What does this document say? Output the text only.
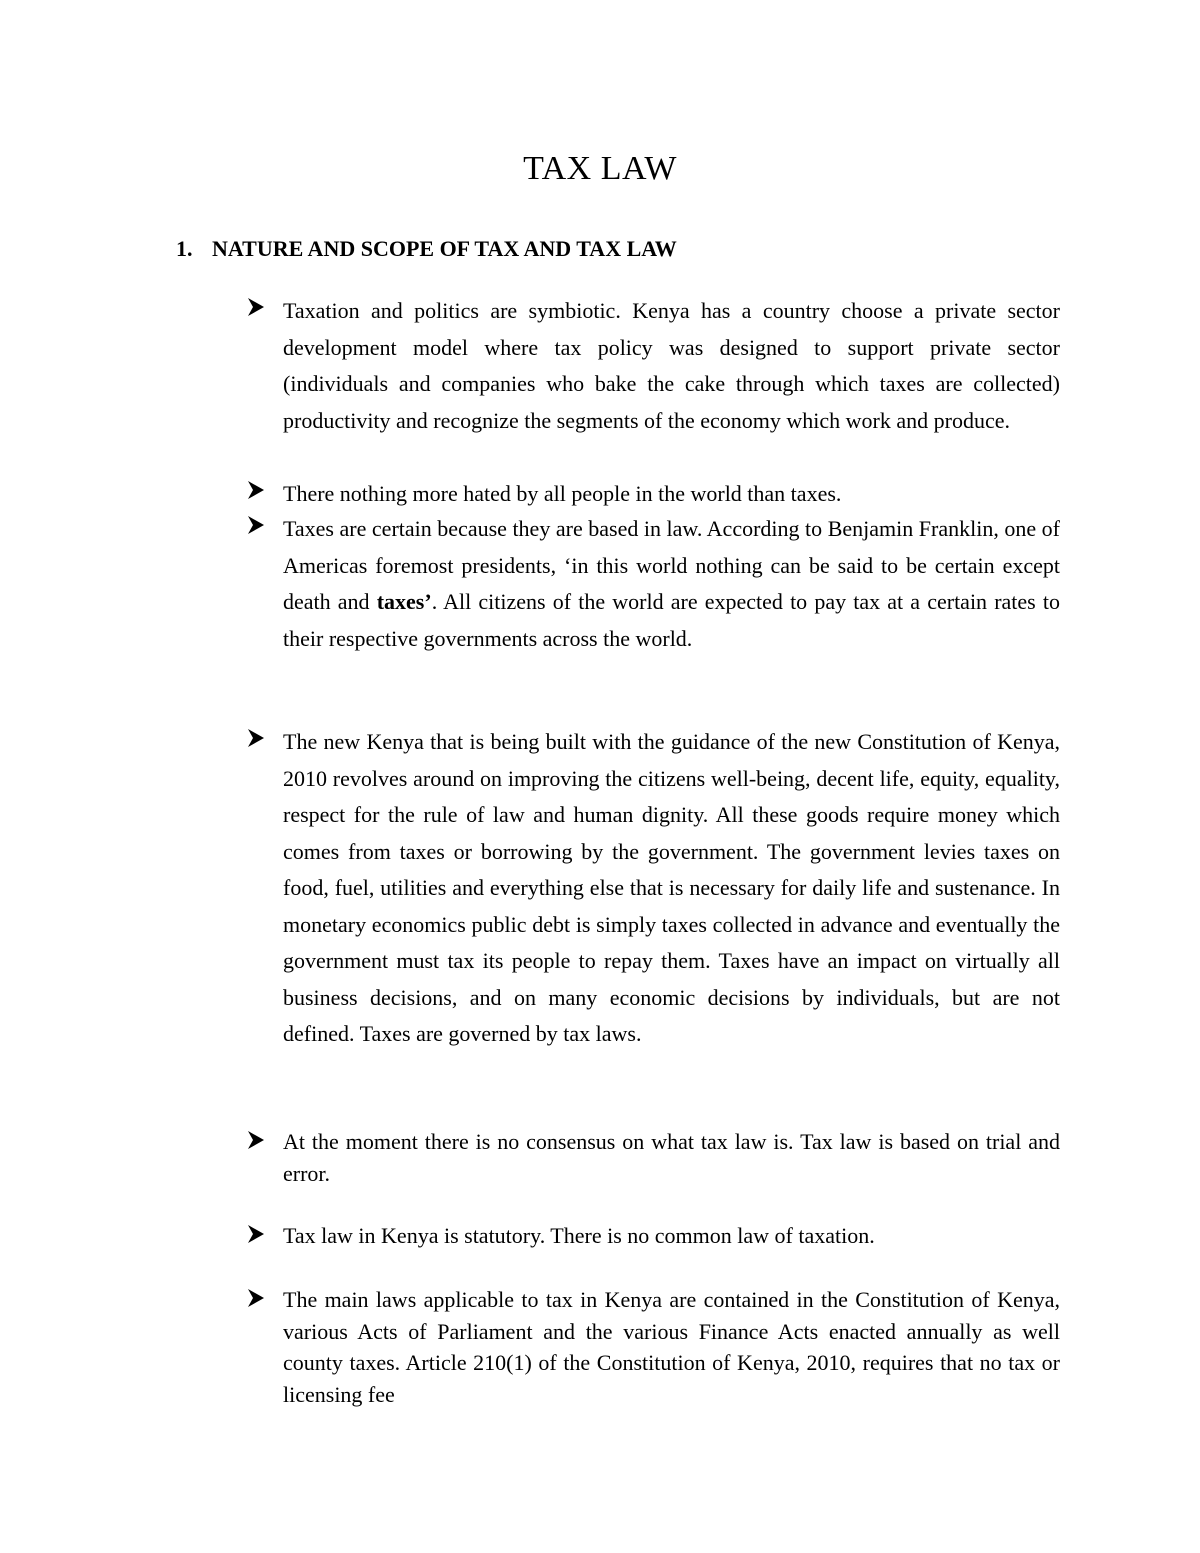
TAX LAW
1. NATURE AND SCOPE OF TAX AND TAX LAW
Taxation and politics are symbiotic. Kenya has a country choose a private sector development model where tax policy was designed to support private sector (individuals and companies who bake the cake through which taxes are collected) productivity and recognize the segments of the economy which work and produce.
There nothing more hated by all people in the world than taxes.
Taxes are certain because they are based in law. According to Benjamin Franklin, one of Americas foremost presidents, ‘in this world nothing can be said to be certain except death and taxes’. All citizens of the world are expected to pay tax at a certain rates to their respective governments across the world.
The new Kenya that is being built with the guidance of the new Constitution of Kenya, 2010 revolves around on improving the citizens well-being, decent life, equity, equality, respect for the rule of law and human dignity. All these goods require money which comes from taxes or borrowing by the government. The government levies taxes on food, fuel, utilities and everything else that is necessary for daily life and sustenance. In monetary economics public debt is simply taxes collected in advance and eventually the government must tax its people to repay them. Taxes have an impact on virtually all business decisions, and on many economic decisions by individuals, but are not defined. Taxes are governed by tax laws.
At the moment there is no consensus on what tax law is. Tax law is based on trial and error.
Tax law in Kenya is statutory. There is no common law of taxation.
The main laws applicable to tax in Kenya are contained in the Constitution of Kenya, various Acts of Parliament and the various Finance Acts enacted annually as well county taxes. Article 210(1) of the Constitution of Kenya, 2010, requires that no tax or licensing fee
